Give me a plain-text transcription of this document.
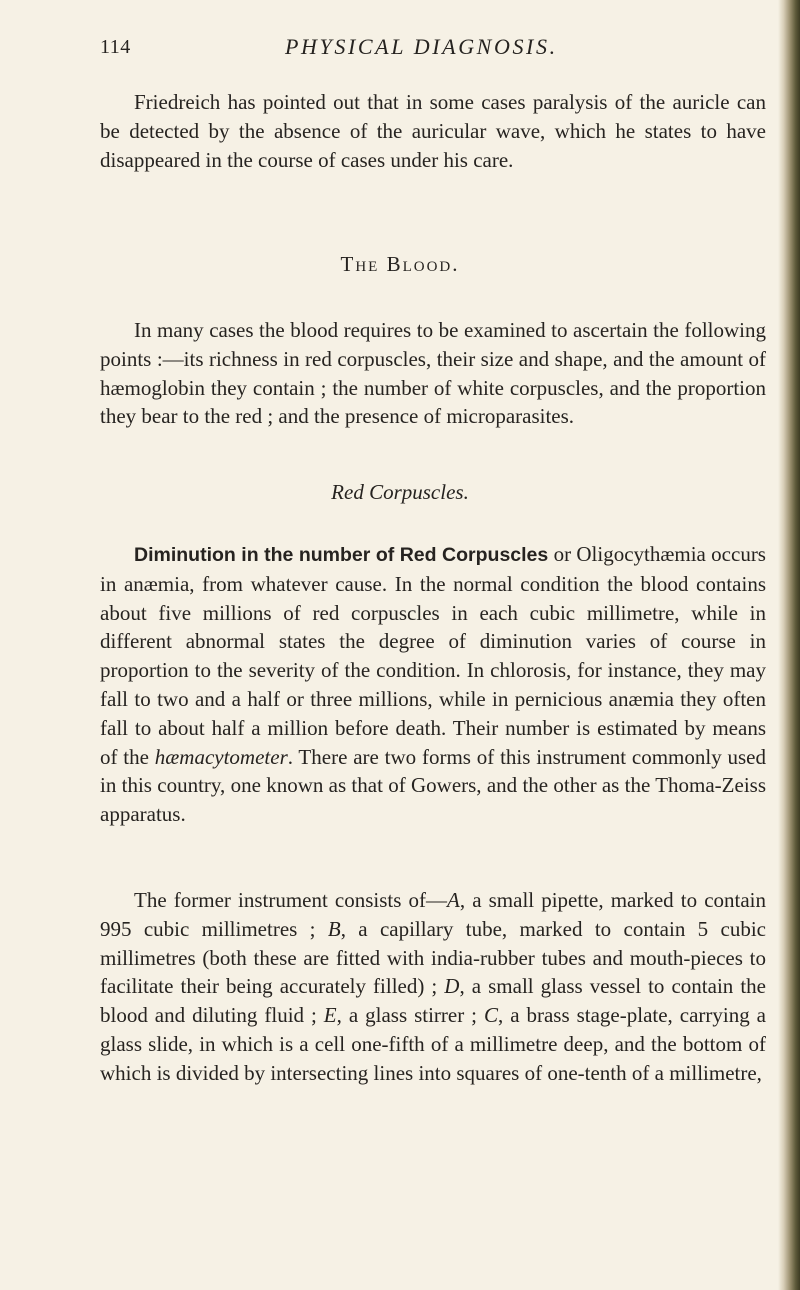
114	PHYSICAL DIAGNOSIS.

Friedreich has pointed out that in some cases paralysis of the auricle can be detected by the absence of the auricular wave, which he states to have disappeared in the course of cases under his care.

The Blood.

In many cases the blood requires to be examined to ascertain the following points :—its richness in red corpuscles, their size and shape, and the amount of hæmoglobin they contain ; the number of white corpuscles, and the proportion they bear to the red ; and the presence of microparasites.

Red Corpuscles.

Diminution in the number of Red Corpuscles or Oligocythæmia occurs in anæmia, from whatever cause. In the normal condition the blood contains about five millions of red corpuscles in each cubic millimetre, while in different abnormal states the degree of diminution varies of course in proportion to the severity of the condition. In chlorosis, for instance, they may fall to two and a half or three millions, while in pernicious anæmia they often fall to about half a million before death. Their number is estimated by means of the hæmacytometer. There are two forms of this instrument commonly used in this country, one known as that of Gowers, and the other as the Thoma-Zeiss apparatus.

The former instrument consists of—A, a small pipette, marked to contain 995 cubic millimetres ; B, a capillary tube, marked to contain 5 cubic millimetres (both these are fitted with india-rubber tubes and mouth-pieces to facilitate their being accurately filled) ; D, a small glass vessel to contain the blood and diluting fluid ; E, a glass stirrer ; C, a brass stage-plate, carrying a glass slide, in which is a cell one-fifth of a millimetre deep, and the bottom of which is divided by intersecting lines into squares of one-tenth of a millimetre,
